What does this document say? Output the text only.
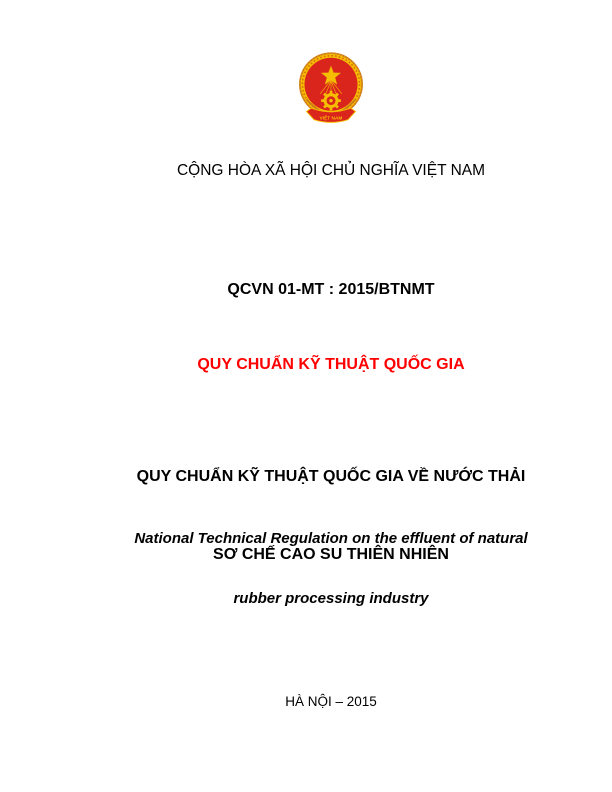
VIỆT NAM
CỘNG HÒA XÃ HỘI CHỦ NGHĨA VIỆT NAM
QCVN 01-MT : 2015/BTNMT
QUY CHUẨN KỸ THUẬT QUỐC GIA

QUY CHUẨN KỸ THUẬT QUỐC GIA VỀ NƯỚC THẢI

SƠ CHẾ CAO SU THIÊN NHIÊN

National Technical Regulation on the effluent of natural

rubber processing industry

HÀ NỘI – 2015
